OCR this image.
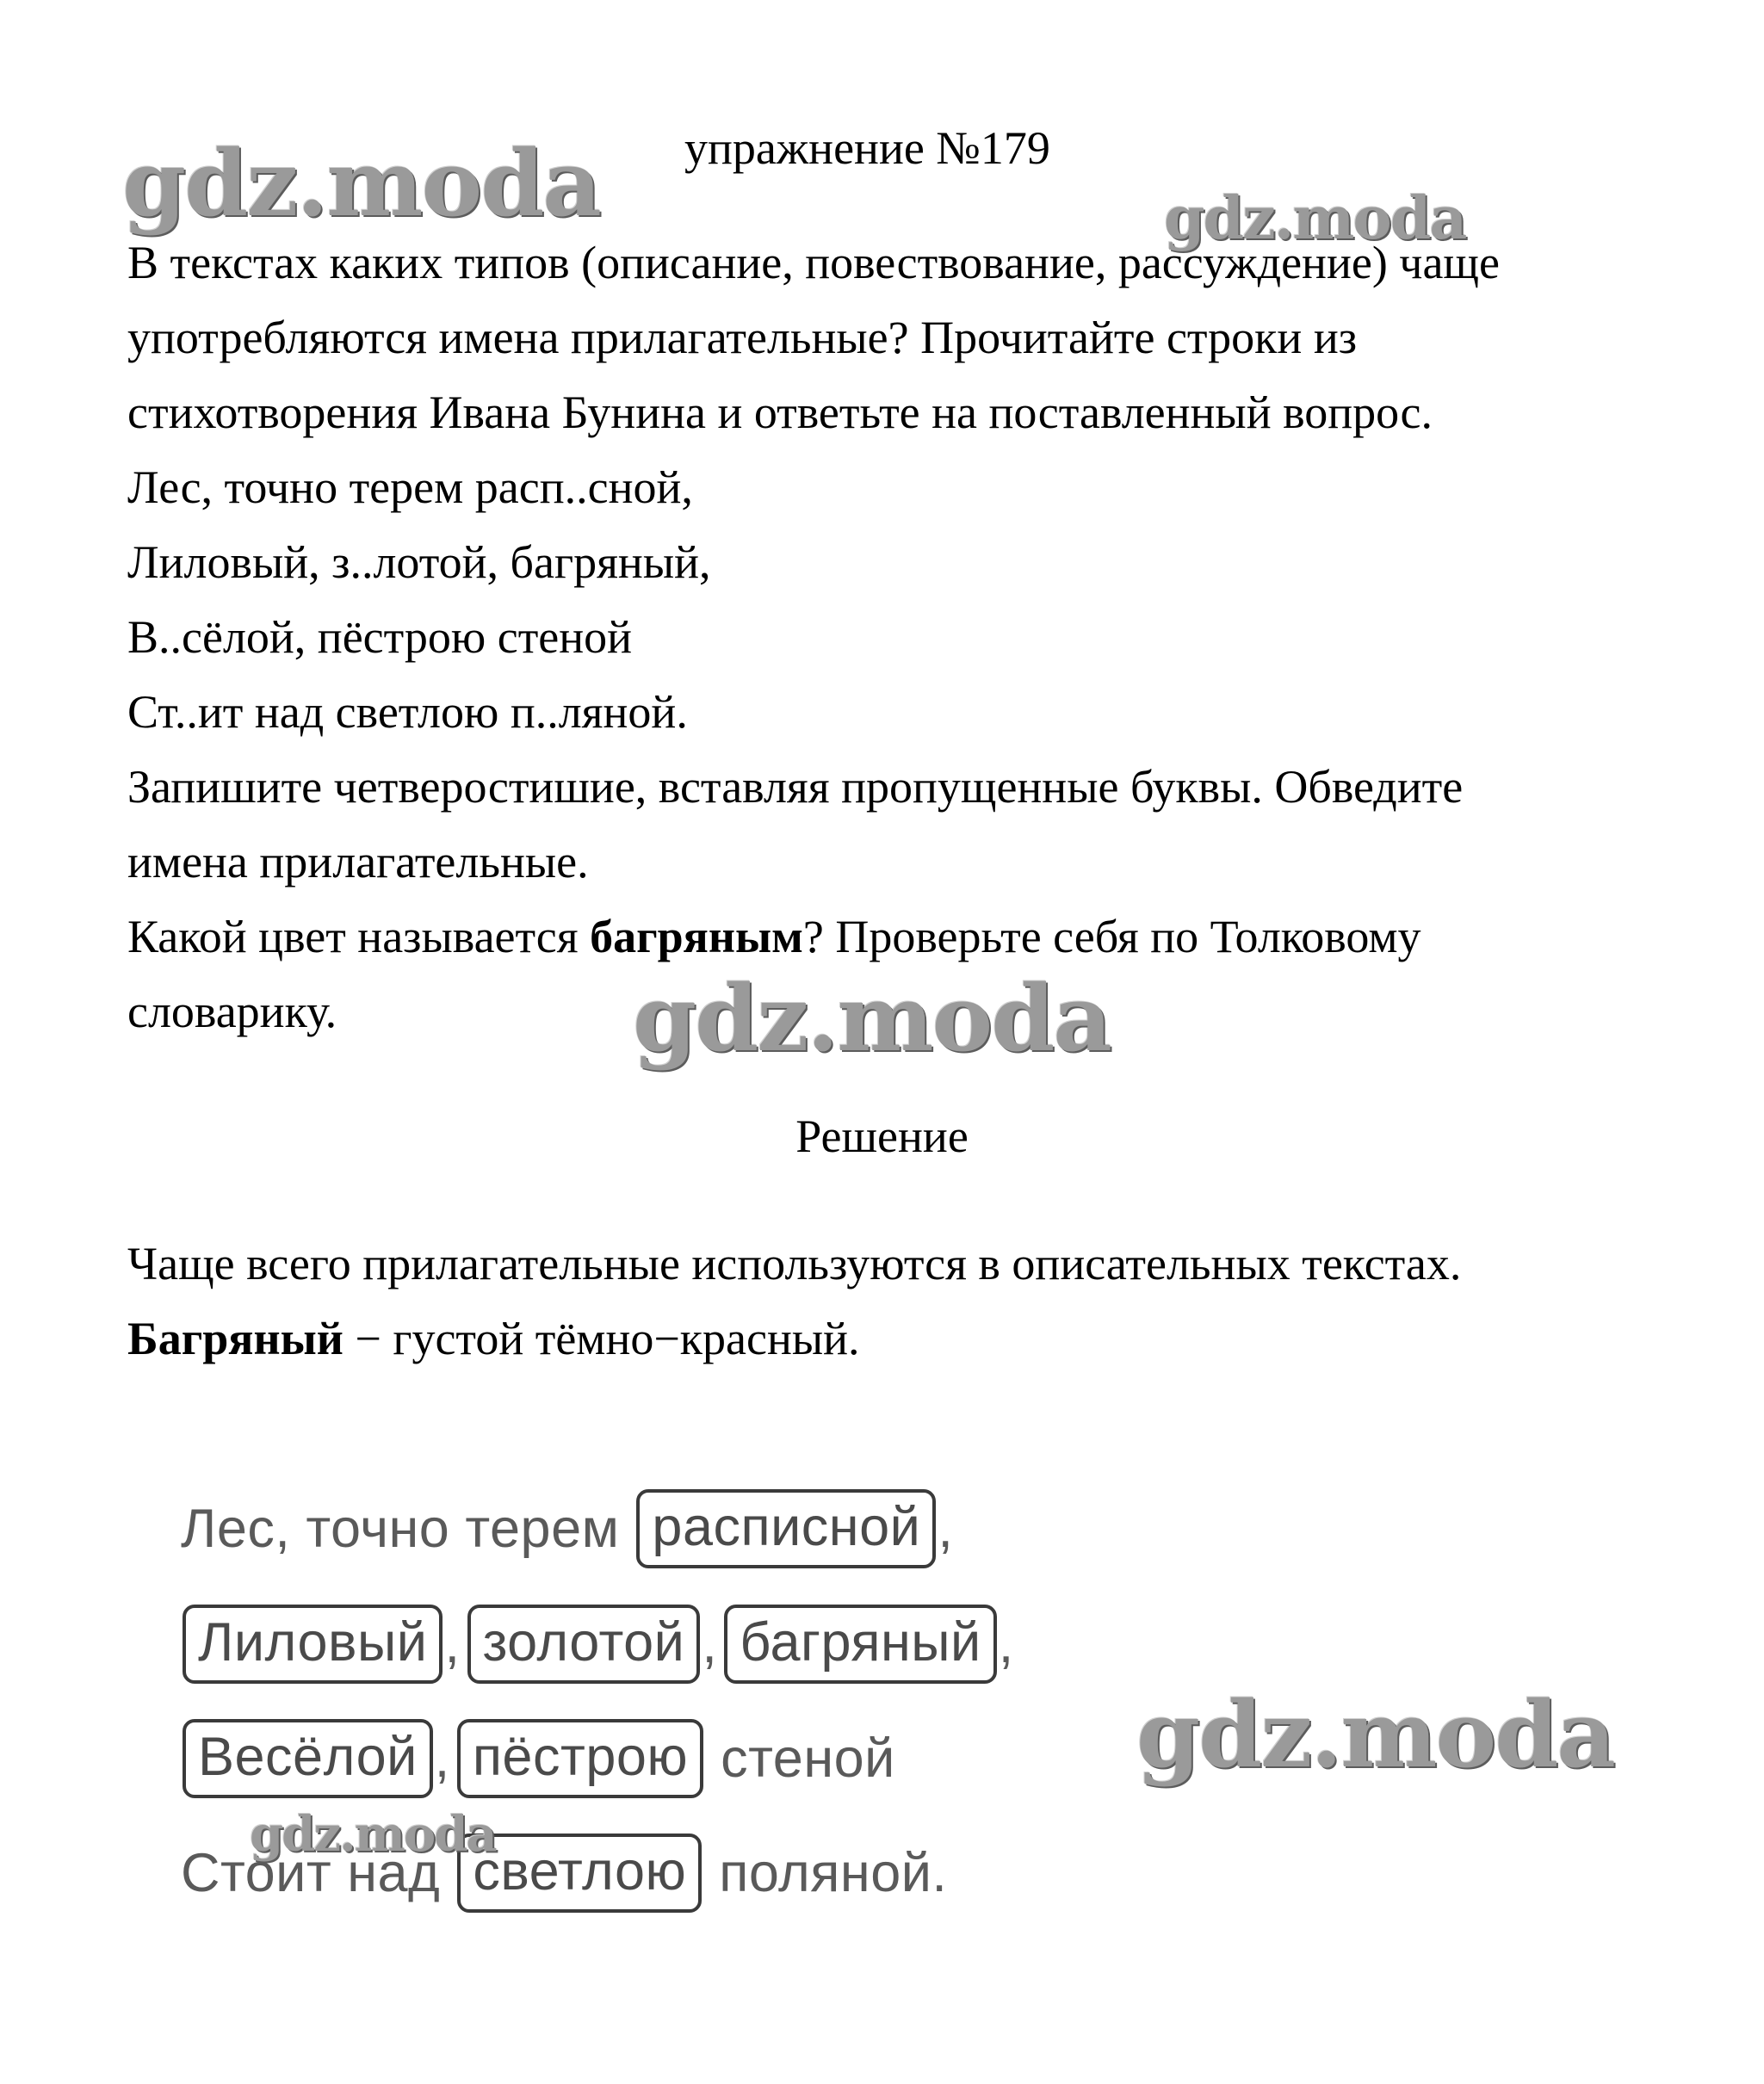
упражнение №179
В текстах каких типов (описание, повествование, рассуждение) чаще
употребляются имена прилагательные? Прочитайте строки из
стихотворения Ивана Бунина и ответьте на поставленный вопрос.
Лес, точно терем расп..сной,
Лиловый, з..лотой, багряный,
В..сёлой, пёстрою стеной
Ст..ит над светлою п..ляной.
Запишите четверостишие, вставляя пропущенные буквы. Обведите
имена прилагательные.
Какой цвет называется багряным? Проверьте себя по Толковому
словарику.
Решение
Чаще всего прилагательные используются в описательных текстах.
Багряный − густой тёмно−красный.
Лес, точно терем расписной ,
Лиловый , золотой , багряный ,
Весёлой , пёстрою стеной
Стоит над светлою поляной.
gdz.moda	gdz.moda
gdz.moda
gdz.moda
gdz.moda
